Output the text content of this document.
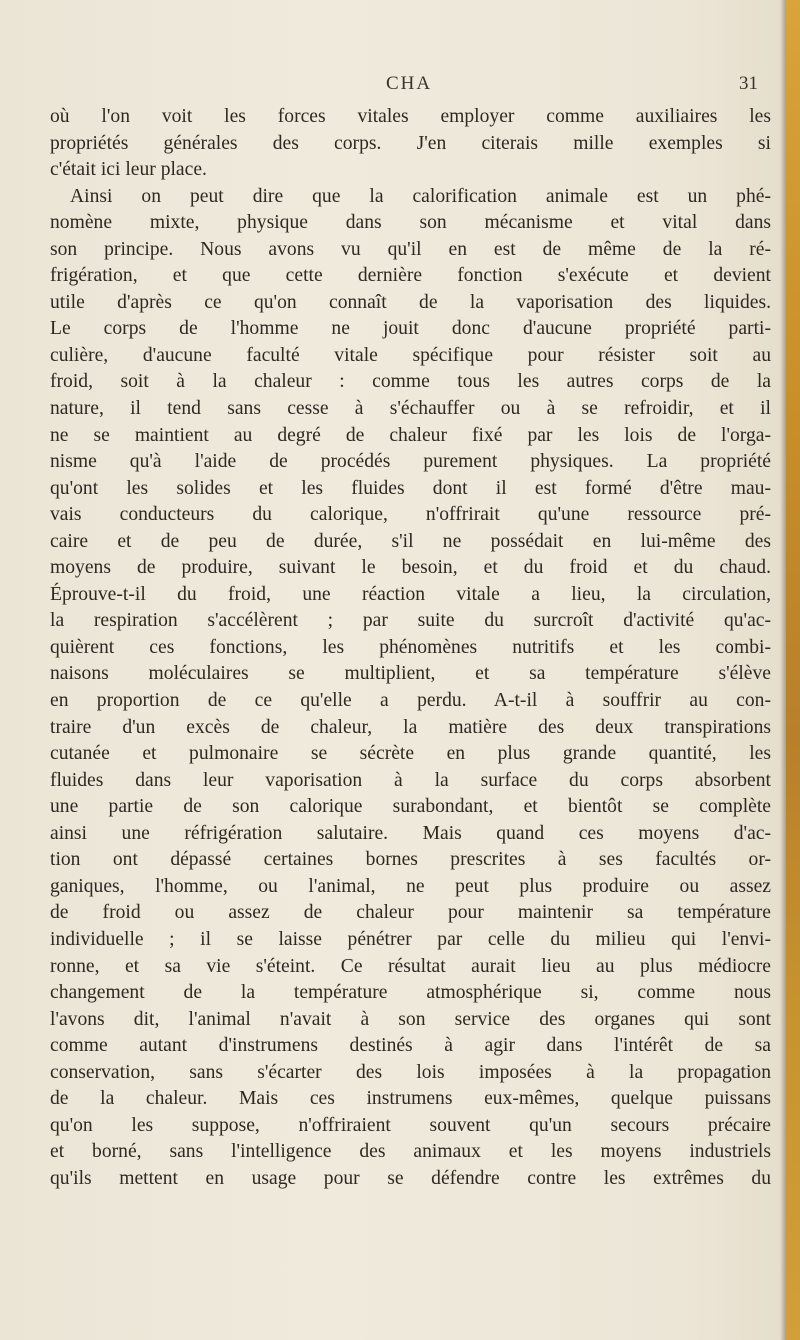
CHA	31
où l'on voit les forces vitales employer comme auxiliaires les
propriétés générales des corps. J'en citerais mille exemples si
c'était ici leur place.
Ainsi on peut dire que la calorification animale est un phé-
nomène mixte, physique dans son mécanisme et vital dans
son principe. Nous avons vu qu'il en est de même de la ré-
frigération, et que cette dernière fonction s'exécute et devient
utile d'après ce qu'on connaît de la vaporisation des liquides.
Le corps de l'homme ne jouit donc d'aucune propriété parti-
culière, d'aucune faculté vitale spécifique pour résister soit au
froid, soit à la chaleur : comme tous les autres corps de la
nature, il tend sans cesse à s'échauffer ou à se refroidir, et il
ne se maintient au degré de chaleur fixé par les lois de l'orga-
nisme qu'à l'aide de procédés purement physiques. La propriété
qu'ont les solides et les fluides dont il est formé d'être mau-
vais conducteurs du calorique, n'offrirait qu'une ressource pré-
caire et de peu de durée, s'il ne possédait en lui-même des
moyens de produire, suivant le besoin, et du froid et du chaud.
Éprouve-t-il du froid, une réaction vitale a lieu, la circulation,
la respiration s'accélèrent ; par suite du surcroît d'activité qu'ac-
quièrent ces fonctions, les phénomènes nutritifs et les combi-
naisons moléculaires se multiplient, et sa température s'élève
en proportion de ce qu'elle a perdu. A-t-il à souffrir au con-
traire d'un excès de chaleur, la matière des deux transpirations
cutanée et pulmonaire se sécrète en plus grande quantité, les
fluides dans leur vaporisation à la surface du corps absorbent
une partie de son calorique surabondant, et bientôt se complète
ainsi une réfrigération salutaire. Mais quand ces moyens d'ac-
tion ont dépassé certaines bornes prescrites à ses facultés or-
ganiques, l'homme, ou l'animal, ne peut plus produire ou assez
de froid ou assez de chaleur pour maintenir sa température
individuelle ; il se laisse pénétrer par celle du milieu qui l'envi-
ronne, et sa vie s'éteint. Ce résultat aurait lieu au plus médiocre
changement de la température atmosphérique si, comme nous
l'avons dit, l'animal n'avait à son service des organes qui sont
comme autant d'instrumens destinés à agir dans l'intérêt de sa
conservation, sans s'écarter des lois imposées à la propagation
de la chaleur. Mais ces instrumens eux-mêmes, quelque puissans
qu'on les suppose, n'offriraient souvent qu'un secours précaire
et borné, sans l'intelligence des animaux et les moyens industriels
qu'ils mettent en usage pour se défendre contre les extrêmes du
